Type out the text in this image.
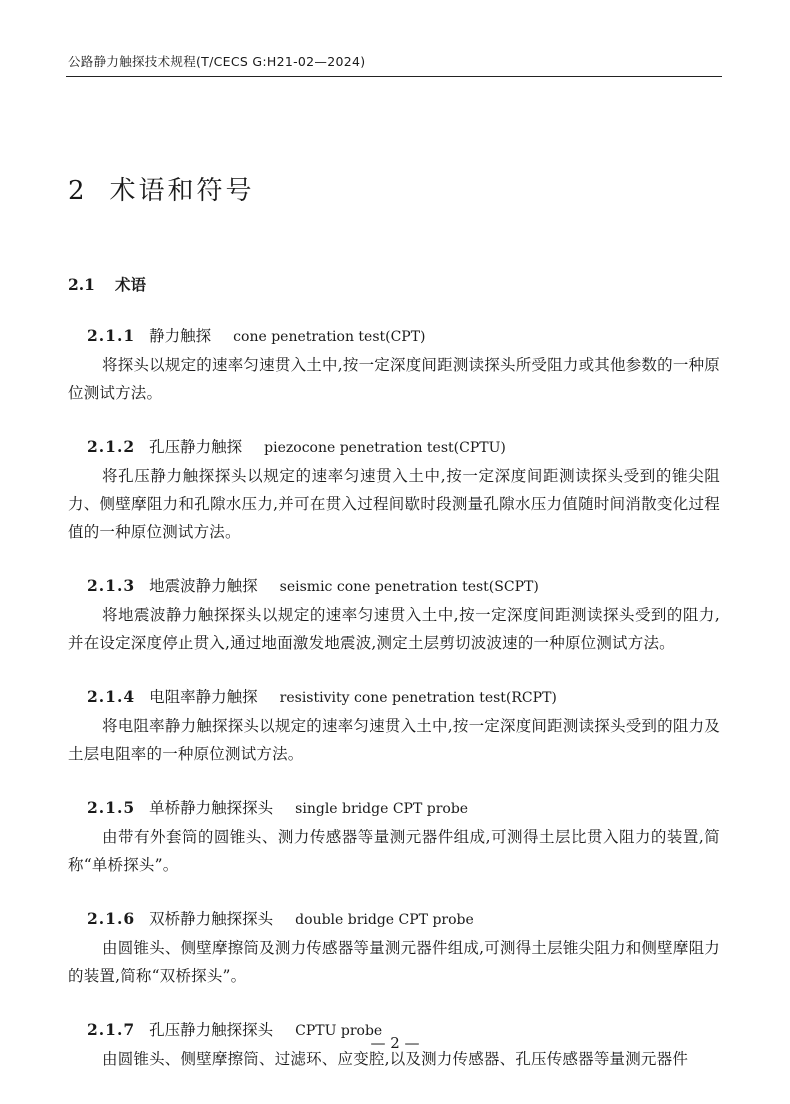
公路静力触探技术规程(T/CECS G:H21-02—2024)
2 术语和符号
2.1 术语
2.1.1 静力触探 cone penetration test(CPT)
将探头以规定的速率匀速贯入土中,按一定深度间距测读探头所受阻力或其他参数的一种原位测试方法。
2.1.2 孔压静力触探 piezocone penetration test(CPTU)
将孔压静力触探探头以规定的速率匀速贯入土中,按一定深度间距测读探头受到的锥尖阻力、侧壁摩阻力和孔隙水压力,并可在贯入过程间歇时段测量孔隙水压力值随时间消散变化过程值的一种原位测试方法。
2.1.3 地震波静力触探 seismic cone penetration test(SCPT)
将地震波静力触探探头以规定的速率匀速贯入土中,按一定深度间距测读探头受到的阻力,并在设定深度停止贯入,通过地面激发地震波,测定土层剪切波波速的一种原位测试方法。
2.1.4 电阻率静力触探 resistivity cone penetration test(RCPT)
将电阻率静力触探探头以规定的速率匀速贯入土中,按一定深度间距测读探头受到的阻力及土层电阻率的一种原位测试方法。
2.1.5 单桥静力触探探头 single bridge CPT probe
由带有外套筒的圆锥头、测力传感器等量测元器件组成,可测得土层比贯入阻力的装置,简称“单桥探头”。
2.1.6 双桥静力触探探头 double bridge CPT probe
由圆锥头、侧壁摩擦筒及测力传感器等量测元器件组成,可测得土层锥尖阻力和侧壁摩阻力的装置,简称“双桥探头”。
2.1.7 孔压静力触探探头 CPTU probe
由圆锥头、侧壁摩擦筒、过滤环、应变腔,以及测力传感器、孔压传感器等量测元器件
— 2 —
